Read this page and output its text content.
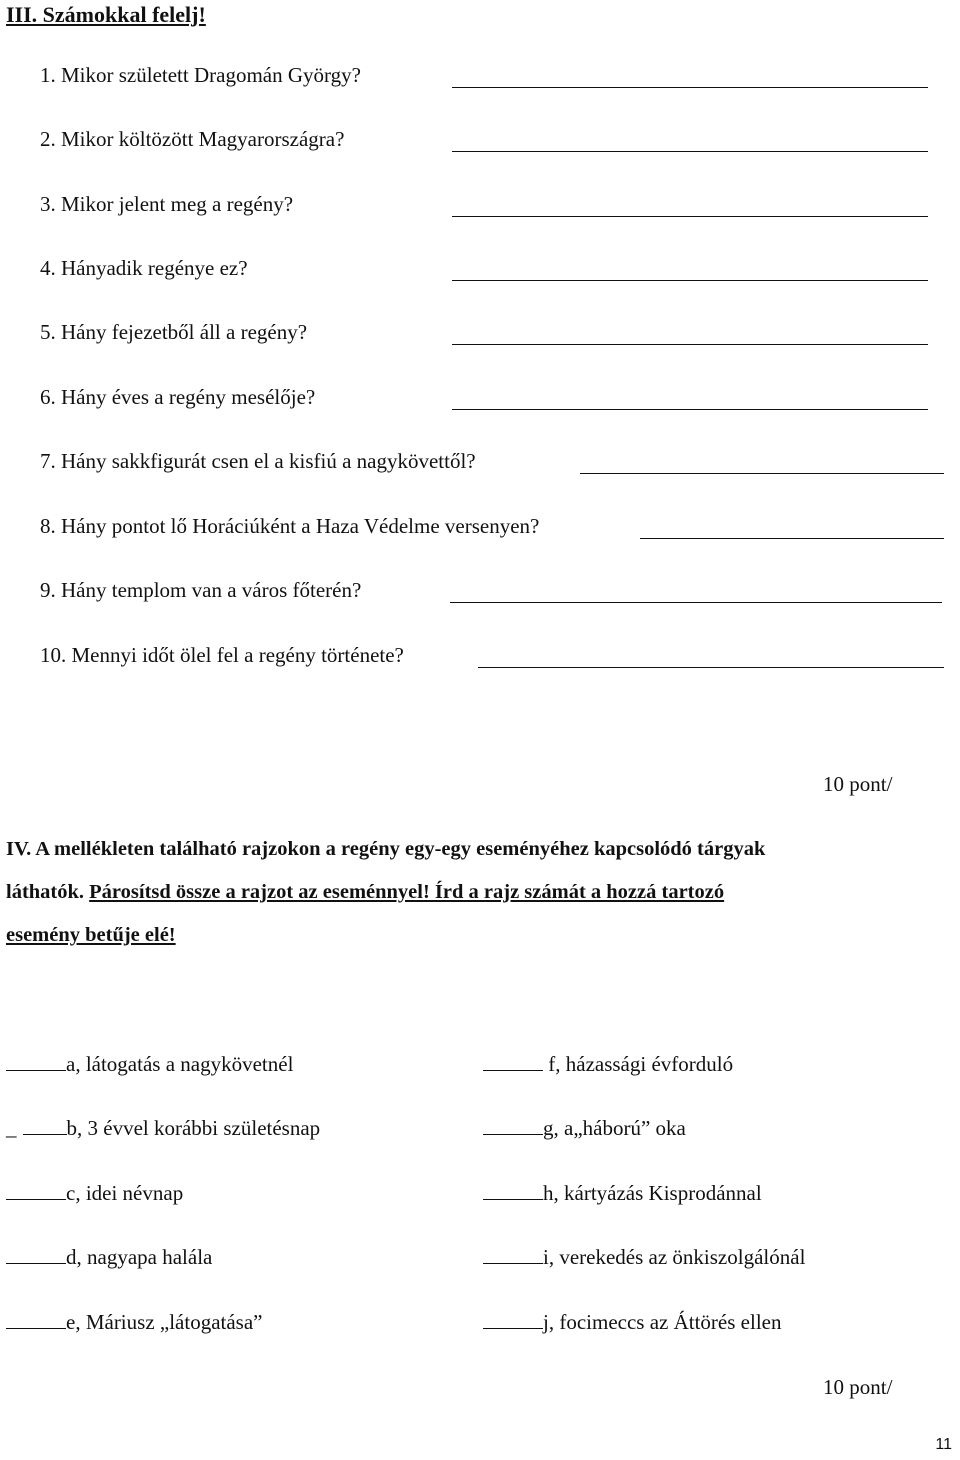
III. Számokkal felelj!
1. Mikor született Dragomán György?
2. Mikor költözött Magyarországra?
3. Mikor jelent meg a regény?
4. Hányadik regénye ez?
5. Hány fejezetből áll a regény?
6. Hány éves a regény mesélője?
7. Hány sakkfigurát csen el a kisfiú a nagykövettől?
8. Hány pontot lő Horáciúként a Haza Védelme versenyen?
9. Hány templom van a város főterén?
10. Mennyi időt ölel fel a regény története?
10 pont/
IV. A mellékleten található rajzokon a regény egy-egy eseményéhez kapcsolódó tárgyak
láthatók. Párosítsd össze a rajzot az eseménnyel! Írd a rajz számát a hozzá tartozó
esemény betűje elé!
a, látogatás a nagykövetnél
_ b, 3 évvel korábbi születésnap
c, idei névnap
d, nagyapa halála
e, Máriusz „látogatása”
f, házassági évforduló
g, a„háború” oka
h, kártyázás Kisprodánnal
i, verekedés az önkiszolgálónál
j, focimeccs az Áttörés ellen
10 pont/
11
